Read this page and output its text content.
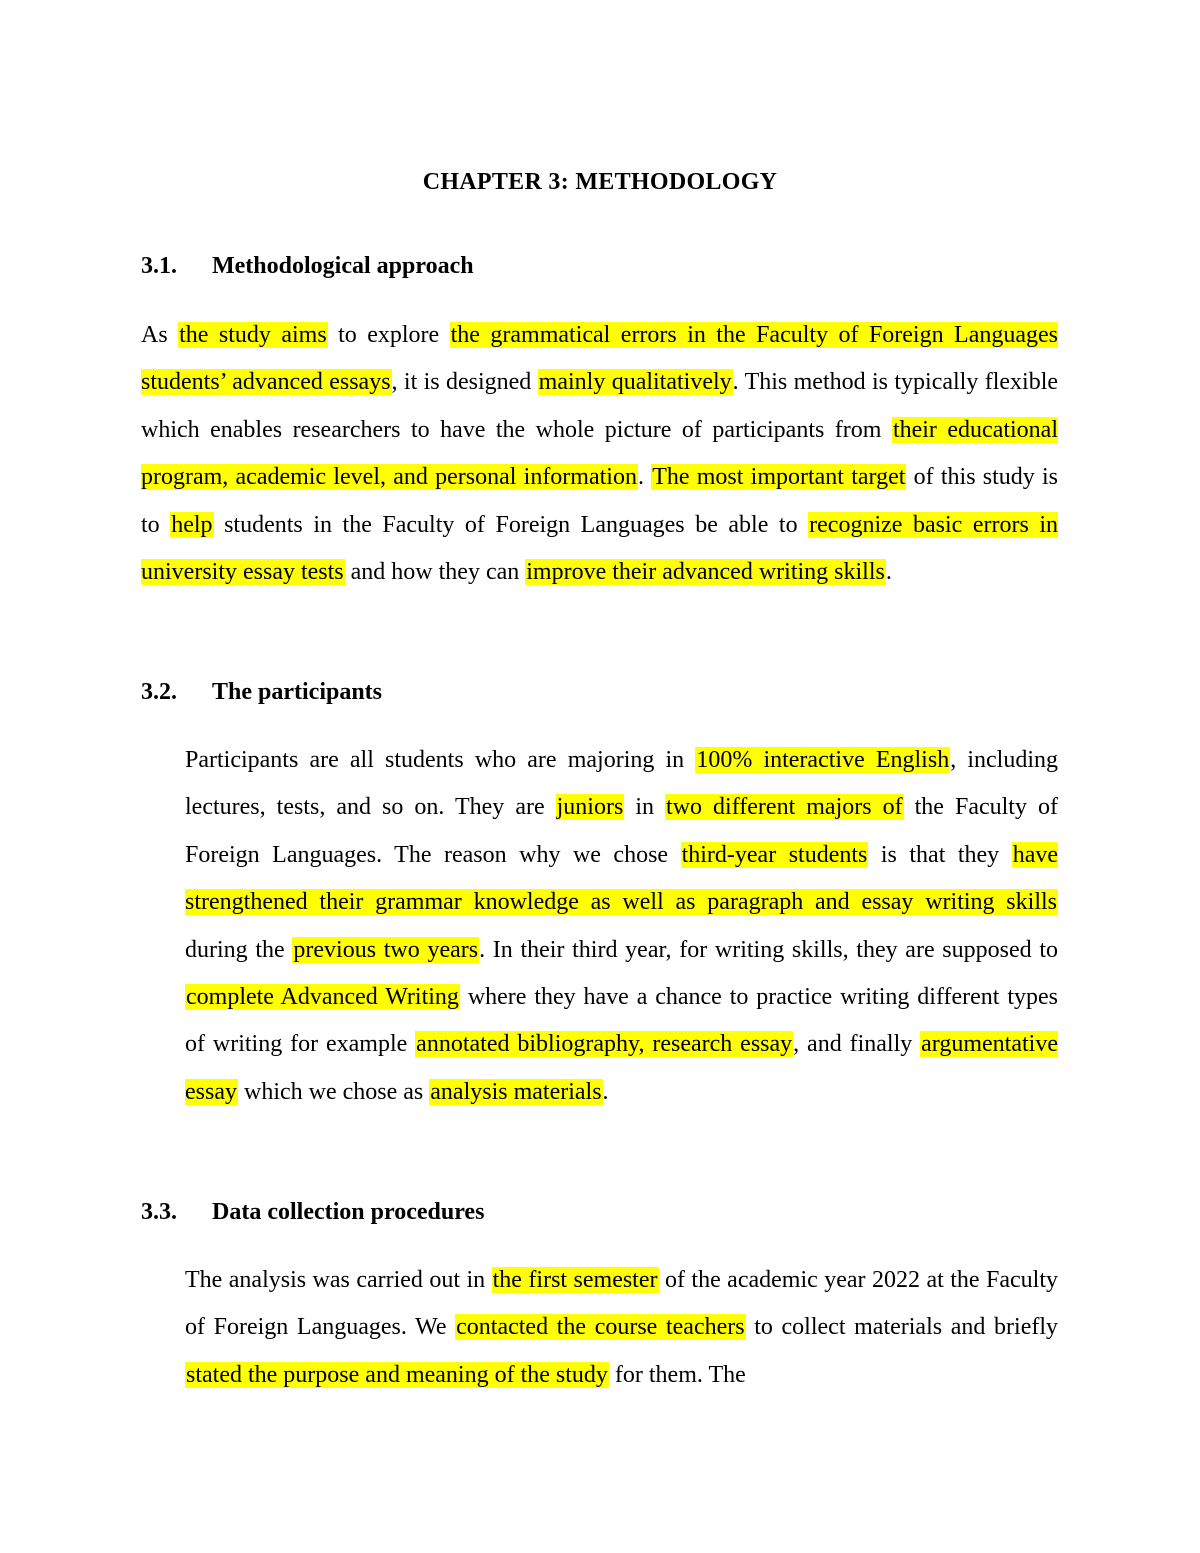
CHAPTER 3: METHODOLOGY
3.1. Methodological approach

As the study aims to explore the grammatical errors in the Faculty of Foreign Languages students’ advanced essays, it is designed mainly qualitatively. This method is typically flexible which enables researchers to have the whole picture of participants from their educational program, academic level, and personal information. The most important target of this study is to help students in the Faculty of Foreign Languages be able to recognize basic errors in university essay tests and how they can improve their advanced writing skills.

3.2. The participants

Participants are all students who are majoring in 100% interactive English, including lectures, tests, and so on. They are juniors in two different majors of the Faculty of Foreign Languages. The reason why we chose third-year students is that they have strengthened their grammar knowledge as well as paragraph and essay writing skills during the previous two years. In their third year, for writing skills, they are supposed to complete Advanced Writing where they have a chance to practice writing different types of writing for example annotated bibliography, research essay, and finally argumentative essay which we chose as analysis materials.

3.3. Data collection procedures

The analysis was carried out in the first semester of the academic year 2022 at the Faculty of Foreign Languages. We contacted the course teachers to collect materials and briefly stated the purpose and meaning of the study for them. The
